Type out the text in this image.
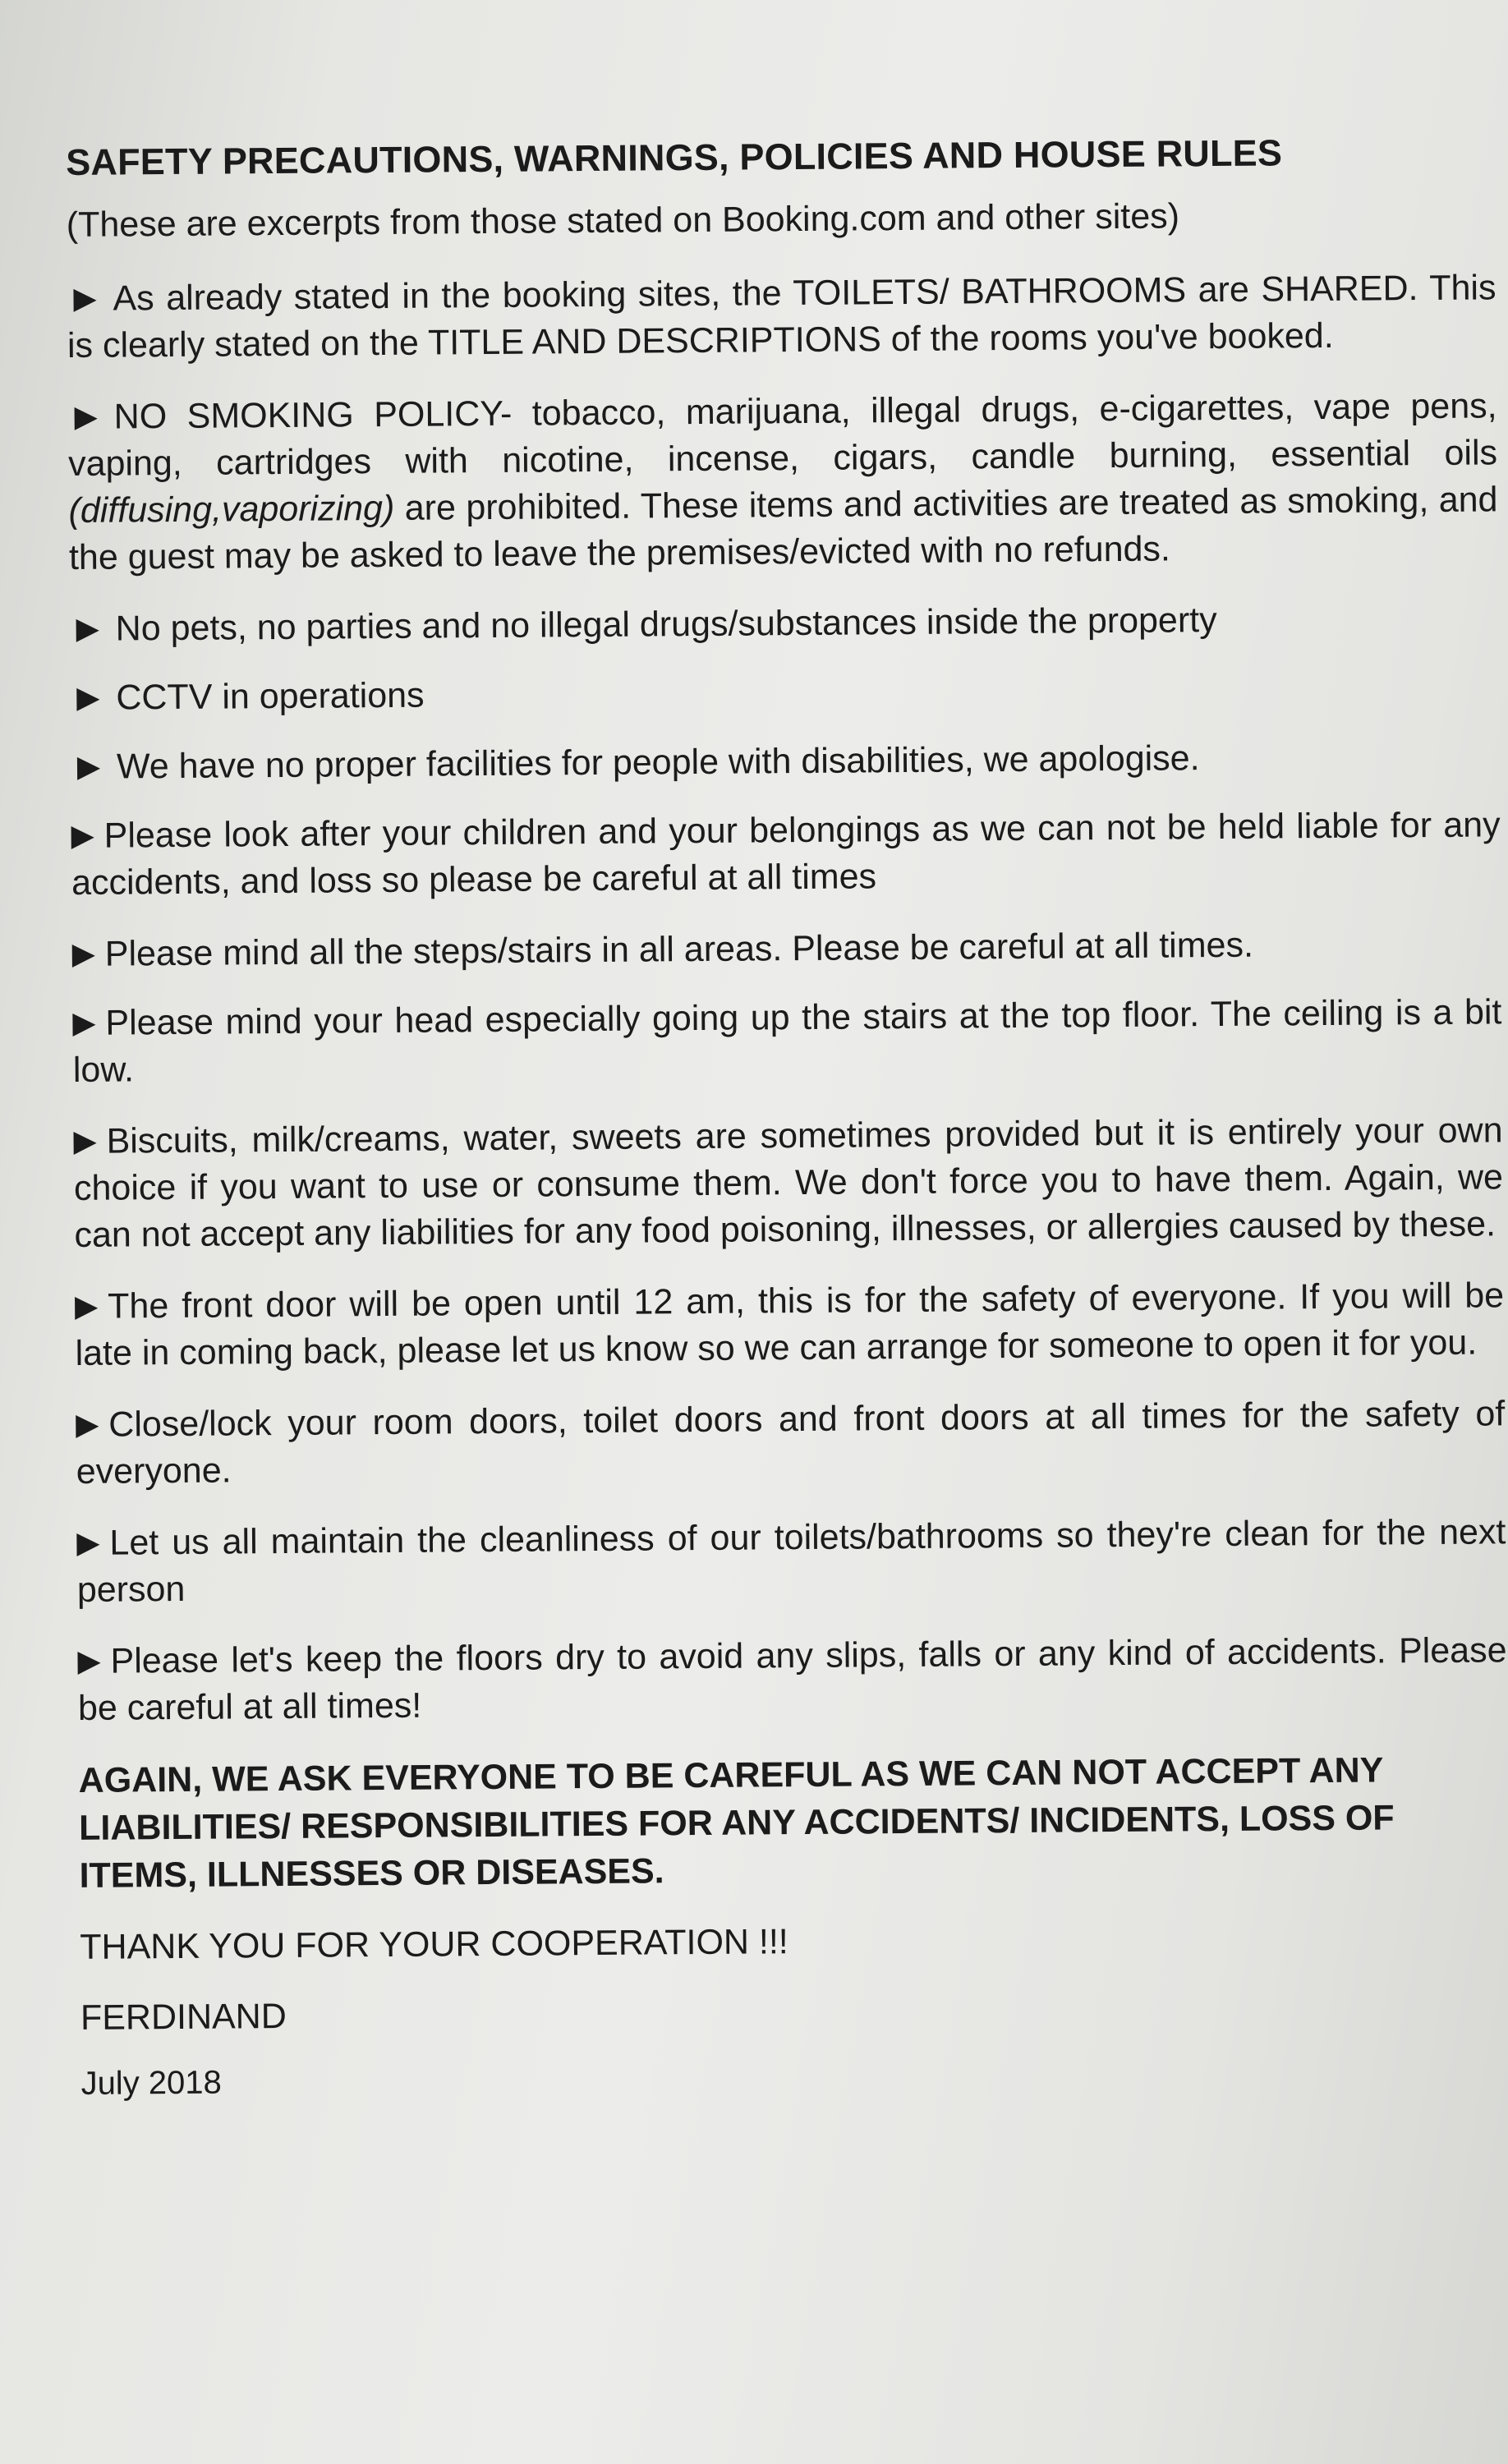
SAFETY PRECAUTIONS, WARNINGS, POLICIES AND HOUSE RULES
(These are excerpts from those stated on Booking.com and other sites)
As already stated in the booking sites, the TOILETS/ BATHROOMS are SHARED. This is clearly stated on the TITLE AND DESCRIPTIONS of the rooms you've booked.
NO SMOKING POLICY- tobacco, marijuana, illegal drugs, e-cigarettes, vape pens, vaping, cartridges with nicotine, incense, cigars, candle burning, essential oils (diffusing,vaporizing) are prohibited. These items and activities are treated as smoking, and the guest may be asked to leave the premises/evicted with no refunds.
No pets, no parties and no illegal drugs/substances inside the property
CCTV in operations
We have no proper facilities for people with disabilities, we apologise.
Please look after your children and your belongings as we can not be held liable for any accidents, and loss so please be careful at all times
Please mind all the steps/stairs in all areas. Please be careful at all times.
Please mind your head especially going up the stairs at the top floor. The ceiling is a bit low.
Biscuits, milk/creams, water, sweets are sometimes provided but it is entirely your own choice if you want to use or consume them. We don't force you to have them. Again, we can not accept any liabilities for any food poisoning, illnesses, or allergies caused by these.
The front door will be open until 12 am, this is for the safety of everyone. If you will be late in coming back, please let us know so we can arrange for someone to open it for you.
Close/lock your room doors, toilet doors and front doors at all times for the safety of everyone.
Let us all maintain the cleanliness of our toilets/bathrooms so they're clean for the next person
Please let's keep the floors dry to avoid any slips, falls or any kind of accidents. Please be careful at all times!
AGAIN, WE ASK EVERYONE TO BE CAREFUL AS WE CAN NOT ACCEPT ANY LIABILITIES/ RESPONSIBILITIES FOR ANY ACCIDENTS/ INCIDENTS, LOSS OF ITEMS, ILLNESSES OR DISEASES.
THANK YOU FOR YOUR COOPERATION !!!
FERDINAND
July 2018
